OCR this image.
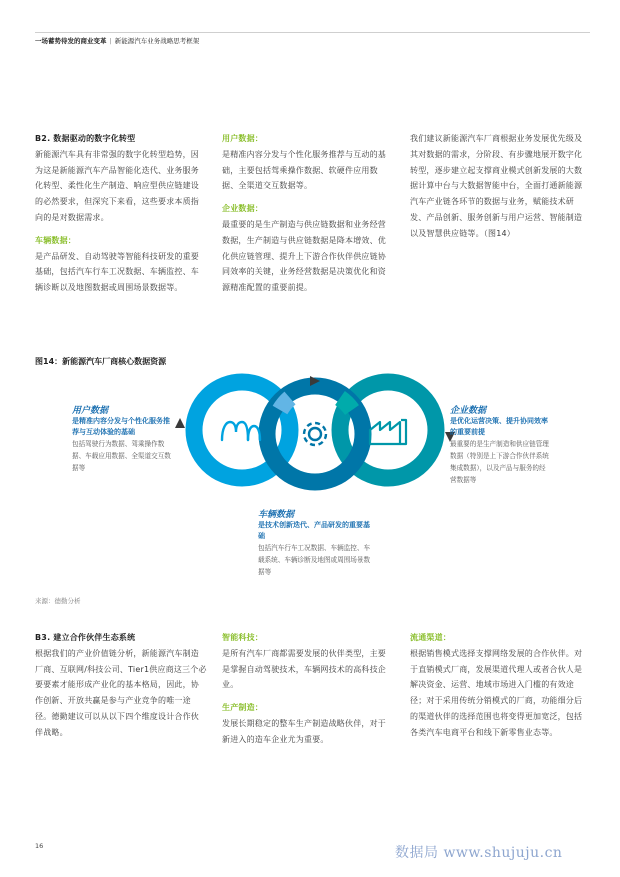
一场蓄势待发的商业变革 | 新能源汽车业务战略思考框架
B2. 数据驱动的数字化转型

新能源汽车具有非常强的数字化转型趋势，因为这是新能源汽车产品智能化迭代、业务服务化转型、柔性化生产制造、响应型供应链建设的必然要求，但深究下来看，这些要求本质指向的是对数据需求。

车辆数据：

是产品研发、自动驾驶等智能科技研发的重要基础，包括汽车行车工况数据、车辆监控、车辆诊断以及地图数据或周围场景数据等。

用户数据：

是精准内容分发与个性化服务推荐与互动的基础，主要包括驾乘操作数据、软硬件应用数据、全渠道交互数据等。

企业数据：

最重要的是生产制造与供应链数据和业务经营数据，生产制造与供应链数据是降本增效、优化供应链管理、提升上下游合作伙伴供应链协同效率的关键，业务经营数据是决策优化和资源精准配置的重要前提。

我们建议新能源汽车厂商根据业务发展优先级及其对数据的需求，分阶段、有步骤地展开数字化转型，逐步建立起支撑商业模式创新发展的大数据计算中台与大数据智能中台，全面打通新能源汽车产业链各环节的数据与业务，赋能技术研发、产品创新、服务创新与用户运营、智能制造以及智慧供应链等。（图14）

图14：新能源汽车厂商核心数据资源
用户数据
是精准内容分发与个性化服务推荐与互动体验的基础
包括驾驶行为数据、驾乘操作数据、车载应用数据、全渠道交互数据等
企业数据
是优化运营决策、提升协同效率的重要前提
最重要的是生产制造和供应链管理数据（特别是上下游合作伙伴系统集成数据），以及产品与服务的经营数据等
车辆数据
是技术创新迭代、产品研发的重要基础
包括汽车行车工况数据、车辆监控、车载系统、车辆诊断及地图或周围场景数据等
来源：德勤分析
B3. 建立合作伙伴生态系统

根据我们的产业价值链分析，新能源汽车制造厂商、互联网/科技公司、Tier1供应商这三个必要要素才能形成产业化的基本格局，因此，协作创新、开放共赢是参与产业竞争的唯一途径。德勤建议可以从以下四个维度设计合作伙伴战略。

智能科技：

是所有汽车厂商都需要发展的伙伴类型，主要是掌握自动驾驶技术，车辆网技术的高科技企业。

生产制造：

发展长期稳定的整车生产制造战略伙伴，对于新进入的造车企业尤为重要。

流通渠道：

根据销售模式选择支撑网络发展的合作伙伴。对于直销模式厂商，发展渠道代理人或者合伙人是解决资金、运营、地域市场进入门槛的有效途径；对于采用传统分销模式的厂商，功能细分后的渠道伙伴的选择范围也将变得更加宽泛，包括各类汽车电商平台和线下新零售业态等。

16	数据局 www.shujuju.cn
